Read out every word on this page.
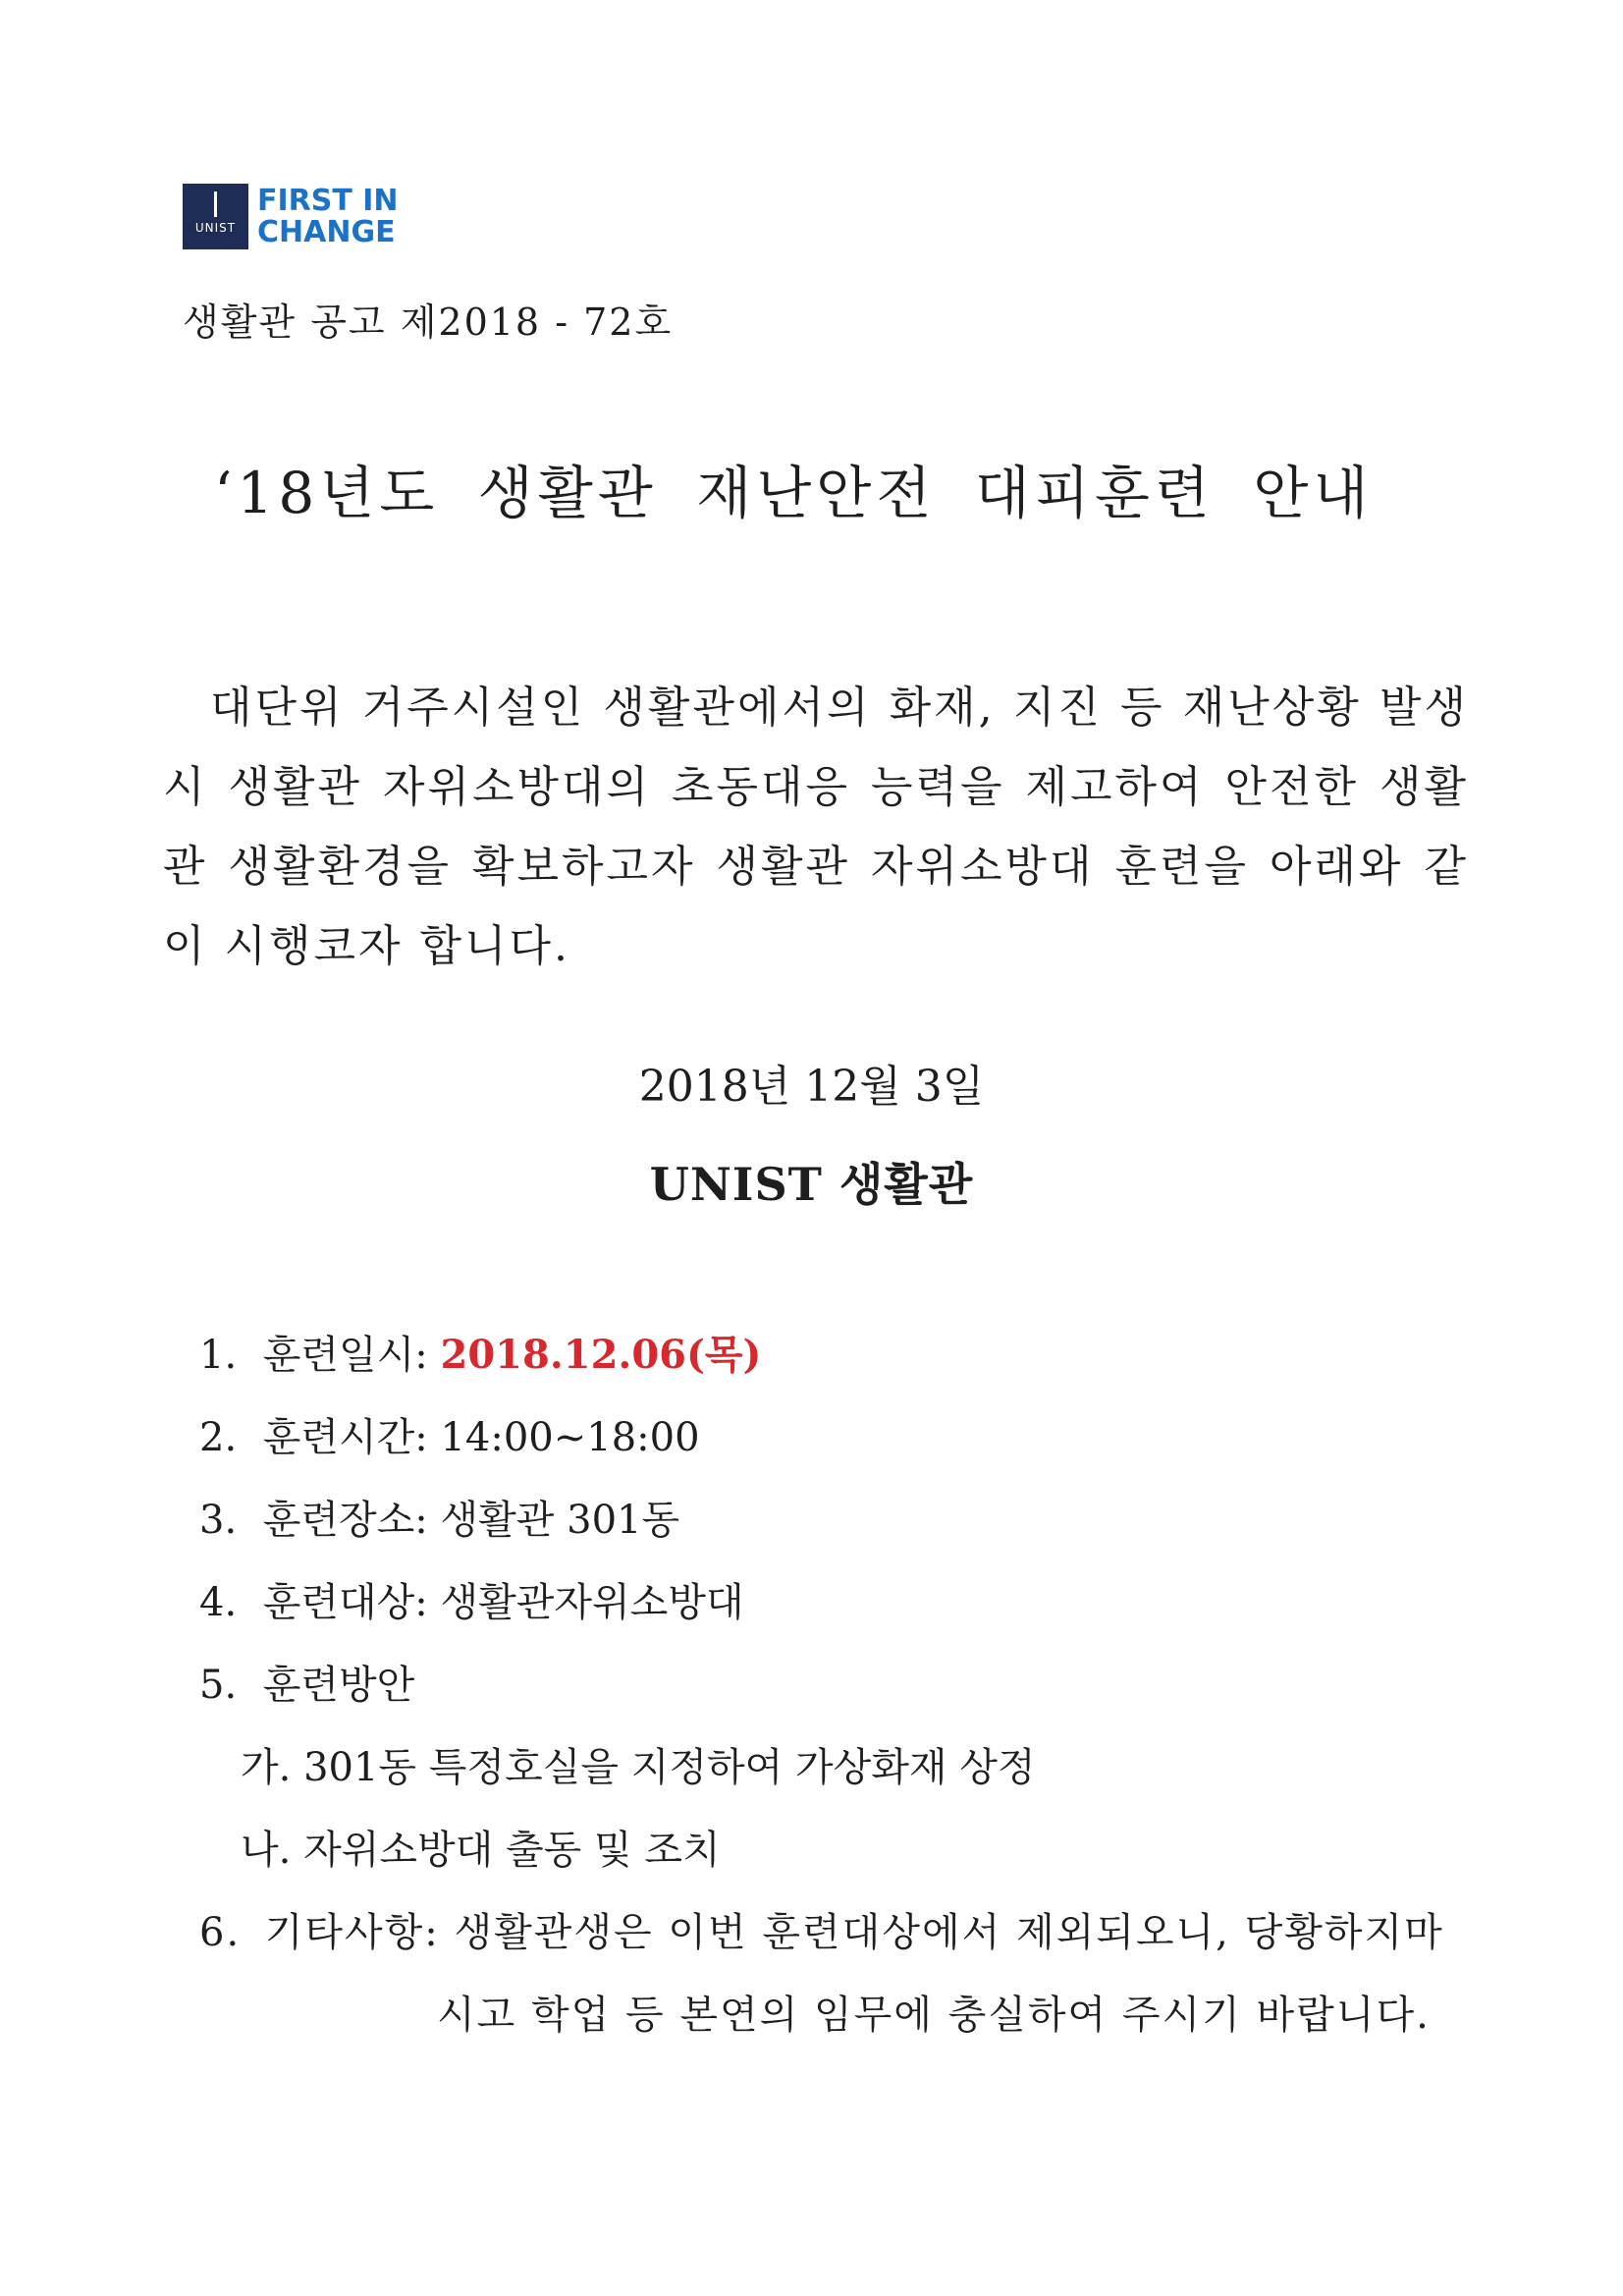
UNIST
FIRST IN
CHANGE
생활관 공고 제2018 - 72호
‘18년도 생활관 재난안전 대피훈련 안내
대단위 거주시설인 생활관에서의 화재, 지진 등 재난상황 발생 시 생활관 자위소방대의 초동대응 능력을 제고하여 안전한 생활관 생활환경을 확보하고자 생활관 자위소방대 훈련을 아래와 같이 시행코자 합니다.
2018년 12월 3일
UNIST 생활관
1. 훈련일시: 2018.12.06(목)
2. 훈련시간: 14:00~18:00
3. 훈련장소: 생활관 301동
4. 훈련대상: 생활관자위소방대
5. 훈련방안
가. 301동 특정호실을 지정하여 가상화재 상정
나. 자위소방대 출동 및 조치
6. 기타사항: 생활관생은 이번 훈련대상에서 제외되오니, 당황하지마
시고 학업 등 본연의 임무에 충실하여 주시기 바랍니다.
